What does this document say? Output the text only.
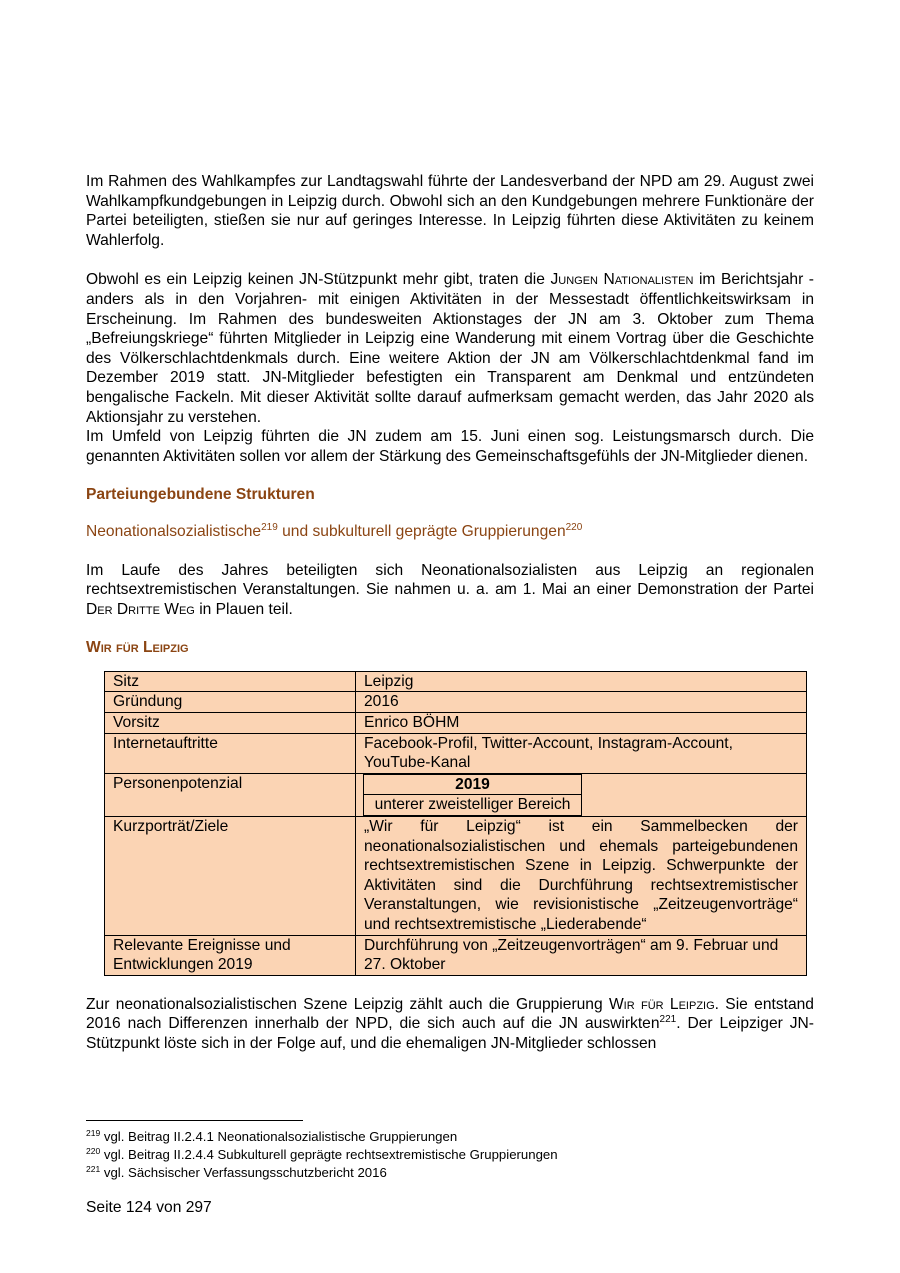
Im Rahmen des Wahlkampfes zur Landtagswahl führte der Landesverband der NPD am 29. August zwei Wahlkampfkundgebungen in Leipzig durch. Obwohl sich an den Kundgebungen mehrere Funktionäre der Partei beteiligten, stießen sie nur auf geringes Interesse. In Leipzig führten diese Aktivitäten zu keinem Wahlerfolg.

Obwohl es ein Leipzig keinen JN-Stützpunkt mehr gibt, traten die Jungen Nationalisten im Berichtsjahr -anders als in den Vorjahren- mit einigen Aktivitäten in der Messestadt öffentlichkeitswirksam in Erscheinung. Im Rahmen des bundesweiten Aktionstages der JN am 3. Oktober zum Thema „Befreiungskriege“ führten Mitglieder in Leipzig eine Wanderung mit einem Vortrag über die Geschichte des Völkerschlachtdenkmals durch. Eine weitere Aktion der JN am Völkerschlachtdenkmal fand im Dezember 2019 statt. JN-Mitglieder befestigten ein Transparent am Denkmal und entzündeten bengalische Fackeln. Mit dieser Aktivität sollte darauf aufmerksam gemacht werden, das Jahr 2020 als Aktionsjahr zu verstehen.

Im Umfeld von Leipzig führten die JN zudem am 15. Juni einen sog. Leistungsmarsch durch. Die genannten Aktivitäten sollen vor allem der Stärkung des Gemeinschaftsgefühls der JN-Mitglieder dienen.

Parteiungebundene Strukturen
Neonationalsozialistische$^{219}$ und subkulturell geprägte Gruppierungen$^{220}$

Im Laufe des Jahres beteiligten sich Neonationalsozialisten aus Leipzig an regionalen rechtsextremistischen Veranstaltungen. Sie nahmen u. a. am 1. Mai an einer Demonstration der Partei Der Dritte Weg in Plauen teil.

Wir für Leipzig
Sitz	Leipzig
Gründung	2016
Vorsitz	Enrico BÖHM
Internetauftritte	Facebook-Profil, Twitter-Account, Instagram-Account, YouTube-Kanal
Personenpotenzial		2019
unterer zweistelliger Bereich

Kurzporträt/Ziele	„Wir für Leipzig“ ist ein Sammelbecken der neonationalsozialistischen und ehemals parteigebundenen rechtsextremistischen Szene in Leipzig. Schwerpunkte der Aktivitäten sind die Durchführung rechtsextremistischer Veranstaltungen, wie revisionistische „Zeitzeugenvorträge“ und rechtsextremistische „Liederabende“
Relevante Ereignisse und Entwicklungen 2019	Durchführung von „Zeitzeugenvorträgen“ am 9. Februar und 27. Oktober

Zur neonationalsozialistischen Szene Leipzig zählt auch die Gruppierung Wir für Leipzig. Sie entstand 2016 nach Differenzen innerhalb der NPD, die sich auch auf die JN auswirkten$^{221}$. Der Leipziger JN-Stützpunkt löste sich in der Folge auf, und die ehemaligen JN-Mitglieder schlossen

$^{219}$ vgl. Beitrag II.2.4.1 Neonationalsozialistische Gruppierungen
$^{220}$ vgl. Beitrag II.2.4.4 Subkulturell geprägte rechtsextremistische Gruppierungen
$^{221}$ vgl. Sächsischer Verfassungsschutzbericht 2016
Seite 124 von 297
